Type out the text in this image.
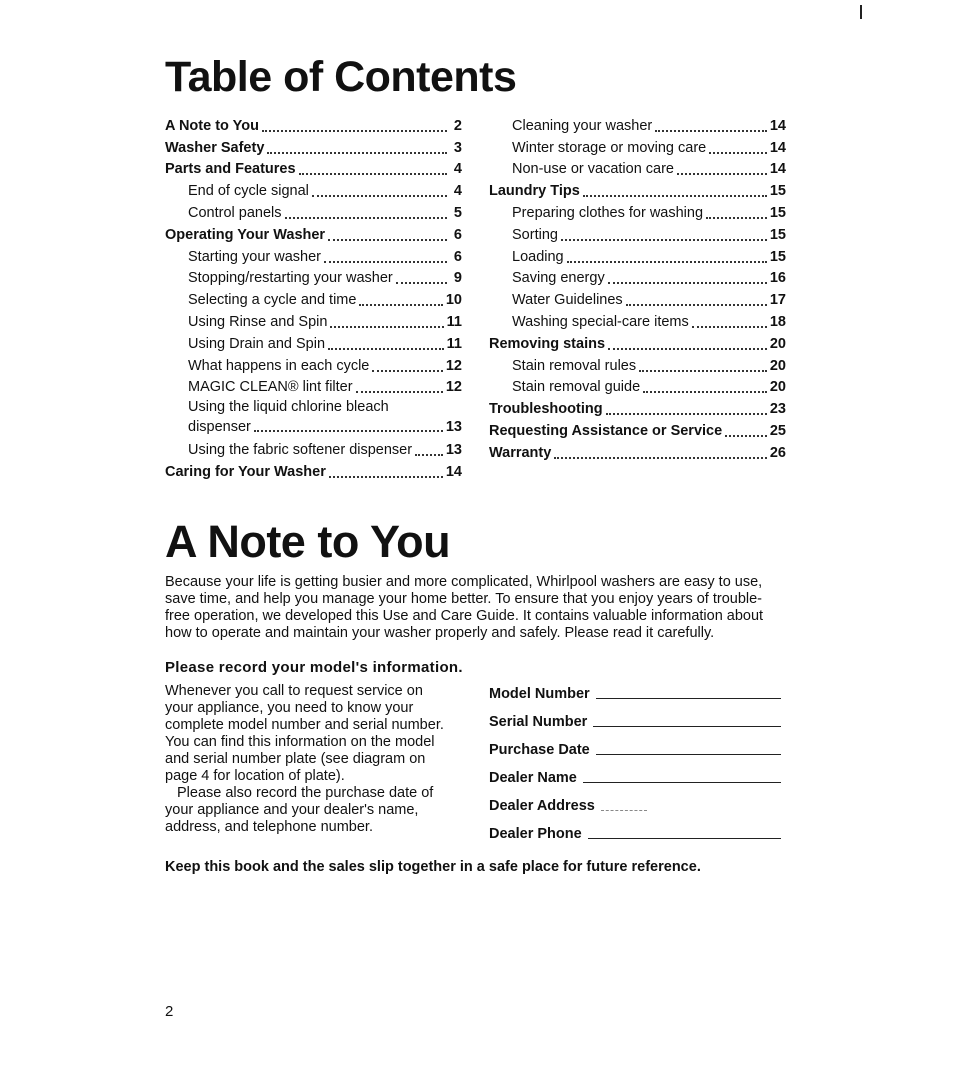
Table of Contents
A Note to You	2
Washer Safety	3
Parts and Features	4
End of cycle signal	4
Control panels	5
Operating Your Washer	6
Starting your washer	6
Stopping/restarting your washer	9
Selecting a cycle and time	10
Using Rinse and Spin	11
Using Drain and Spin	11
What happens in each cycle	12
MAGIC CLEAN® lint filter	12
Using the liquid chlorine bleach
dispenser	13
Using the fabric softener dispenser 13
Caring for Your Washer	14
Cleaning your washer	14
Winter storage or moving care	14
Non-use or vacation care	14
Laundry Tips	15
Preparing clothes for washing	15
Sorting	15
Loading	15
Saving energy	16
Water Guidelines	17
Washing special-care items	18
Removing stains	20
Stain removal rules	20
Stain removal guide	20
Troubleshooting	23
Requesting Assistance or Service	25
Warranty	26
A Note to You
Because your life is getting busier and more complicated, Whirlpool washers are easy to use,
save time, and help you manage your home better. To ensure that you enjoy years of trouble-
free operation, we developed this Use and Care Guide. It contains valuable information about
how to operate and maintain your washer properly and safely. Please read it carefully.
Please record your model's information.
Whenever you call to request service on
your appliance, you need to know your
complete model number and serial number.
You can find this information on the model
and serial number plate (see diagram on
page 4 for location of plate).
Please also record the purchase date of
your appliance and your dealer's name,
address, and telephone number.
Model Number
Serial Number
Purchase Date
Dealer Name
Dealer Address
Dealer Phone
Keep this book and the sales slip together in a safe place for future reference.
2
